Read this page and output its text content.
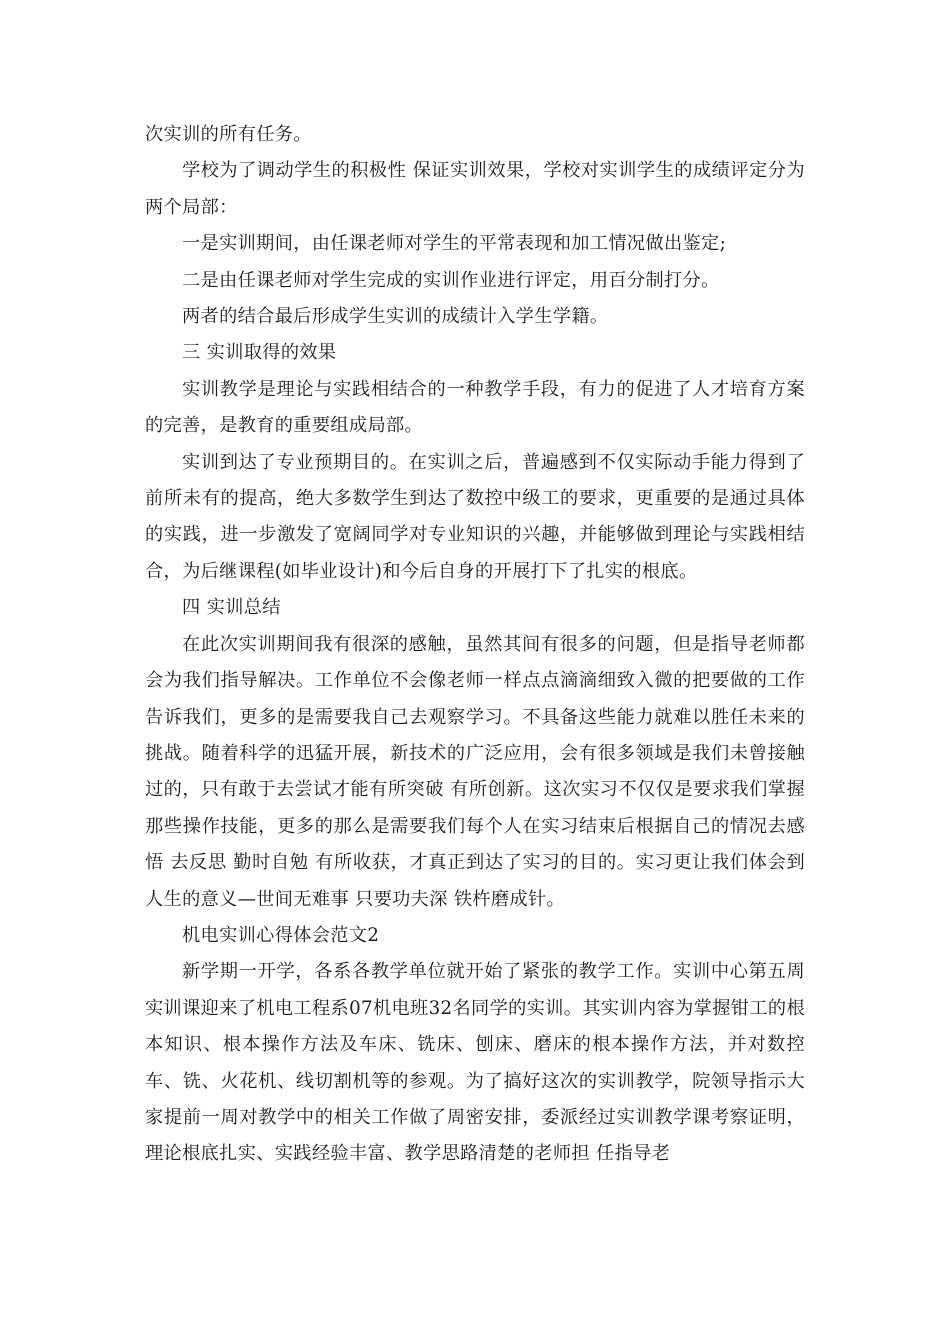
次实训的所有任务。

学校为了调动学生的积极性 保证实训效果，学校对实训学生的成绩评定分为两个局部：

一是实训期间，由任课老师对学生的平常表现和加工情况做出鉴定;

二是由任课老师对学生完成的实训作业进行评定，用百分制打分。

两者的结合最后形成学生实训的成绩计入学生学籍。

三 实训取得的效果

实训教学是理论与实践相结合的一种教学手段，有力的促进了人才培育方案的完善，是教育的重要组成局部。

实训到达了专业预期目的。在实训之后，普遍感到不仅实际动手能力得到了前所未有的提高，绝大多数学生到达了数控中级工的要求，更重要的是通过具体的实践，进一步激发了宽阔同学对专业知识的兴趣，并能够做到理论与实践相结合，为后继课程(如毕业设计)和今后自身的开展打下了扎实的根底。

四 实训总结

在此次实训期间我有很深的感触，虽然其间有很多的问题，但是指导老师都会为我们指导解决。工作单位不会像老师一样点点滴滴细致入微的把要做的工作告诉我们，更多的是需要我自己去观察学习。不具备这些能力就难以胜任未来的挑战。随着科学的迅猛开展，新技术的广泛应用，会有很多领域是我们未曾接触过的，只有敢于去尝试才能有所突破 有所创新。这次实习不仅仅是要求我们掌握那些操作技能，更多的那么是需要我们每个人在实习结束后根据自己的情况去感悟 去反思 勤时自勉 有所收获，才真正到达了实习的目的。实习更让我们体会到人生的意义—世间无难事 只要功夫深 铁杵磨成针。

机电实训心得体会范文2

新学期一开学，各系各教学单位就开始了紧张的教学工作。实训中心第五周实训课迎来了机电工程系07机电班32名同学的实训。其实训内容为掌握钳工的根本知识、根本操作方法及车床、铣床、刨床、磨床的根本操作方法，并对数控车、铣、火花机、线切割机等的参观。为了搞好这次的实训教学，院领导指示大家提前一周对教学中的相关工作做了周密安排，委派经过实训教学课考察证明， 理论根底扎实、实践经验丰富、教学思路清楚的老师担 任指导老
